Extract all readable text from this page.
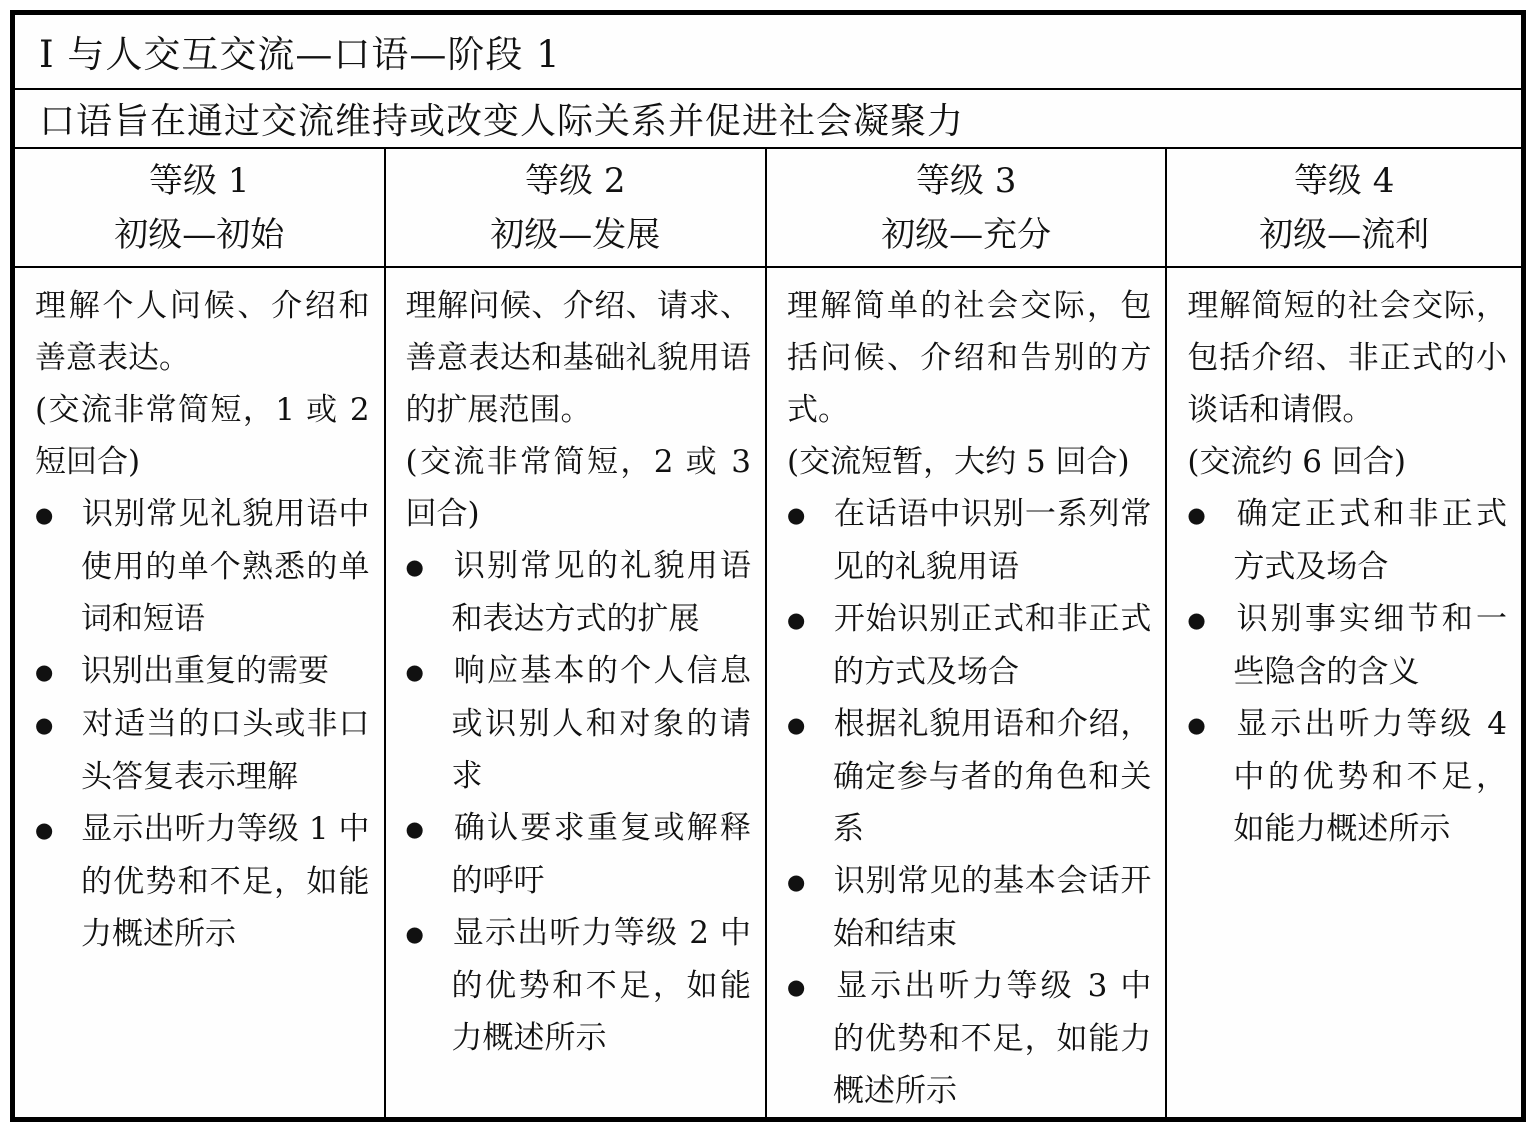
Ⅰ 与人交互交流—口语—阶段 1
口语旨在通过交流维持或改变人际关系并促进社会凝聚力
等级 1
初级—初始
等级 2
初级—发展
等级 3
初级—充分
等级 4
初级—流利

理解个人问候、介绍和善意表达。

(交流非常简短，1 或 2 短回合)

● 识别常见礼貌用语中使用的单个熟悉的单词和短语

● 识别出重复的需要

● 对适当的口头或非口头答复表示理解

● 显示出听力等级 1 中的优势和不足，如能力概述所示

理解问候、介绍、请求、善意表达和基础礼貌用语的扩展范围。

(交流非常简短，2 或 3 回合)

● 识别常见的礼貌用语和表达方式的扩展

● 响应基本的个人信息或识别人和对象的请求

● 确认要求重复或解释的呼吁

● 显示出听力等级 2 中的优势和不足，如能力概述所示

理解简单的社会交际，包括问候、介绍和告别的方式。

(交流短暂，大约 5 回合)

● 在话语中识别一系列常见的礼貌用语

● 开始识别正式和非正式的方式及场合

● 根据礼貌用语和介绍，确定参与者的角色和关系

● 识别常见的基本会话开始和结束

● 显示出听力等级 3 中的优势和不足，如能力概述所示

理解简短的社会交际，包括介绍、非正式的小谈话和请假。

(交流约 6 回合)

● 确定正式和非正式方式及场合

● 识别事实细节和一些隐含的含义

● 显示出听力等级 4 中的优势和不足，如能力概述所示
